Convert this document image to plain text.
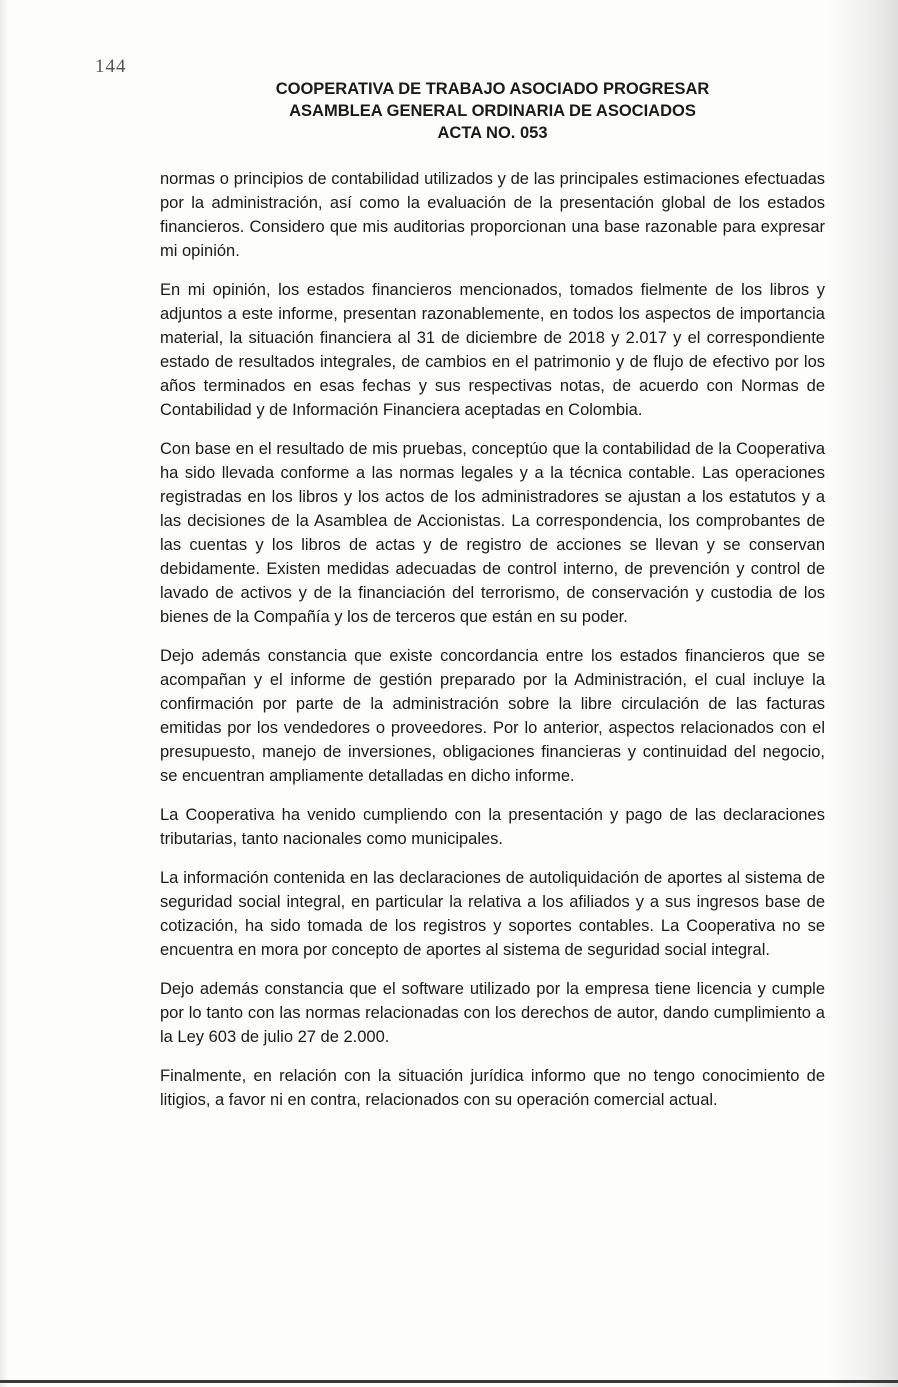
144
COOPERATIVA DE TRABAJO ASOCIADO PROGRESAR
ASAMBLEA GENERAL ORDINARIA DE ASOCIADOS
ACTA NO. 053

normas o principios de contabilidad utilizados y de las principales estimaciones efectuadas por la administración, así como la evaluación de la presentación global de los estados financieros. Considero que mis auditorias proporcionan una base razonable para expresar mi opinión.

En mi opinión, los estados financieros mencionados, tomados fielmente de los libros y adjuntos a este informe, presentan razonablemente, en todos los aspectos de importancia material, la situación financiera al 31 de diciembre de 2018 y 2.017 y el correspondiente estado de resultados integrales, de cambios en el patrimonio y de flujo de efectivo por los años terminados en esas fechas y sus respectivas notas, de acuerdo con Normas de Contabilidad y de Información Financiera aceptadas en Colombia.

Con base en el resultado de mis pruebas, conceptúo que la contabilidad de la Cooperativa ha sido llevada conforme a las normas legales y a la técnica contable. Las operaciones registradas en los libros y los actos de los administradores se ajustan a los estatutos y a las decisiones de la Asamblea de Accionistas. La correspondencia, los comprobantes de las cuentas y los libros de actas y de registro de acciones se llevan y se conservan debidamente. Existen medidas adecuadas de control interno, de prevención y control de lavado de activos y de la financiación del terrorismo, de conservación y custodia de los bienes de la Compañía y los de terceros que están en su poder.

Dejo además constancia que existe concordancia entre los estados financieros que se acompañan y el informe de gestión preparado por la Administración, el cual incluye la confirmación por parte de la administración sobre la libre circulación de las facturas emitidas por los vendedores o proveedores. Por lo anterior, aspectos relacionados con el presupuesto, manejo de inversiones, obligaciones financieras y continuidad del negocio, se encuentran ampliamente detalladas en dicho informe.

La Cooperativa ha venido cumpliendo con la presentación y pago de las declaraciones tributarias, tanto nacionales como municipales.

La información contenida en las declaraciones de autoliquidación de aportes al sistema de seguridad social integral, en particular la relativa a los afiliados y a sus ingresos base de cotización, ha sido tomada de los registros y soportes contables. La Cooperativa no se encuentra en mora por concepto de aportes al sistema de seguridad social integral.

Dejo además constancia que el software utilizado por la empresa tiene licencia y cumple por lo tanto con las normas relacionadas con los derechos de autor, dando cumplimiento a la Ley 603 de julio 27 de 2.000.

Finalmente, en relación con la situación jurídica informo que no tengo conocimiento de litigios, a favor ni en contra, relacionados con su operación comercial actual.
